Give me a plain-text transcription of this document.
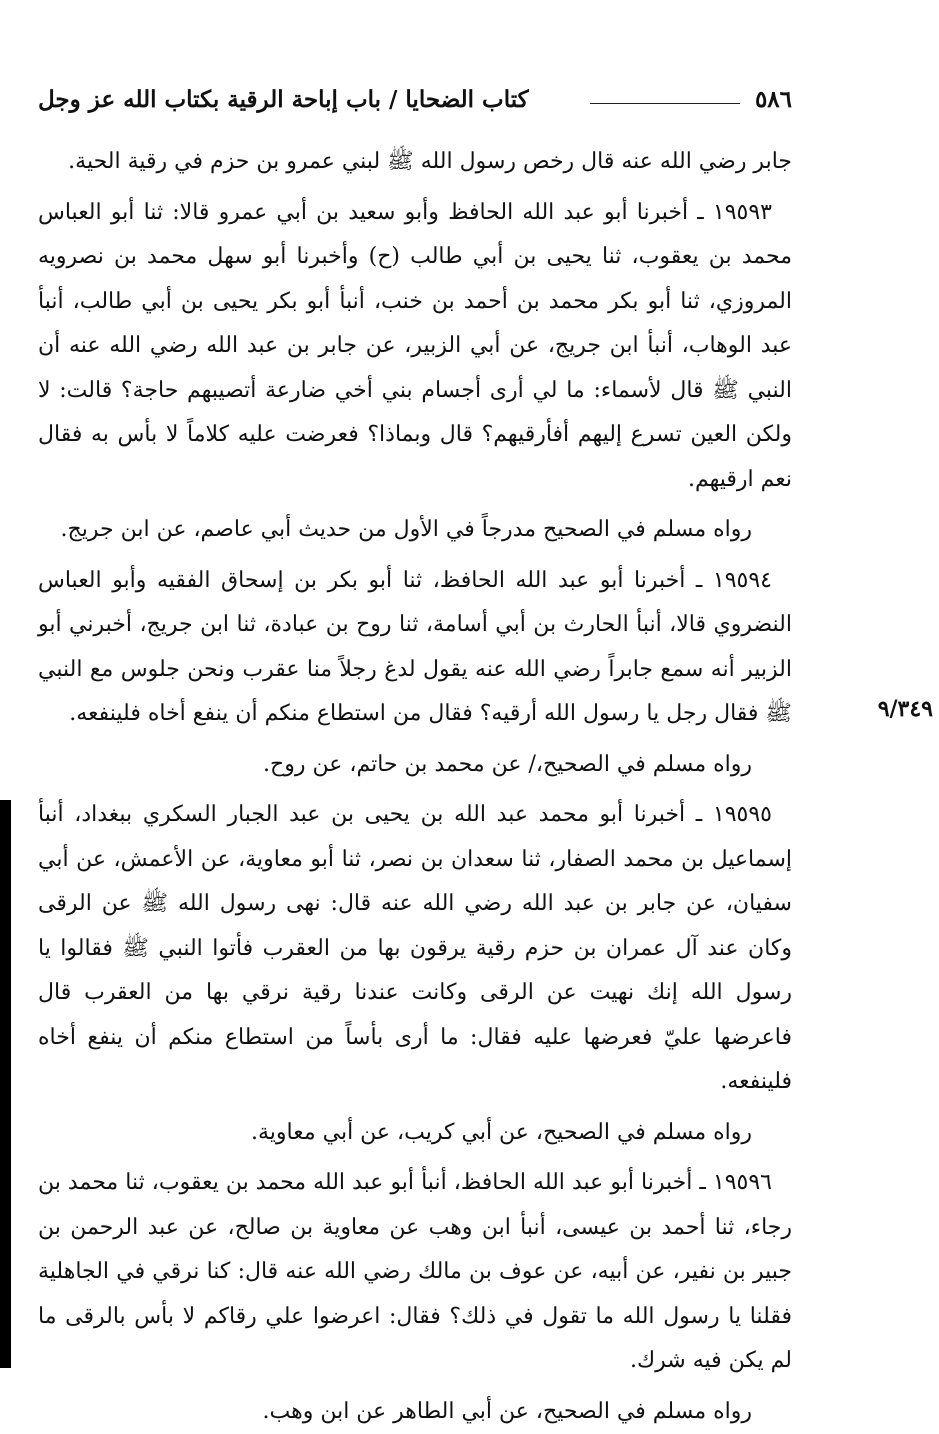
٥٨٦
كتاب الضحايا / باب إباحة الرقية بكتاب الله عز وجل
٩/٣٤٩

جابر رضي الله عنه قال رخص رسول الله ﷺ لبني عمرو بن حزم في رقية الحية.

١٩٥٩٣ ـ أخبرنا أبو عبد الله الحافظ وأبو سعيد بن أبي عمرو قالا: ثنا أبو العباس محمد بن يعقوب، ثنا يحيى بن أبي طالب (ح) وأخبرنا أبو سهل محمد بن نصرويه المروزي، ثنا أبو بكر محمد بن أحمد بن خنب، أنبأ أبو بكر يحيى بن أبي طالب، أنبأ عبد الوهاب، أنبأ ابن جريج، عن أبي الزبير، عن جابر بن عبد الله رضي الله عنه أن النبي ﷺ قال لأسماء: ما لي أرى أجسام بني أخي ضارعة أتصيبهم حاجة؟ قالت: لا ولكن العين تسرع إليهم أفأرقيهم؟ قال وبماذا؟ فعرضت عليه كلاماً لا بأس به فقال نعم ارقيهم.

رواه مسلم في الصحيح مدرجاً في الأول من حديث أبي عاصم، عن ابن جريج.

١٩٥٩٤ ـ أخبرنا أبو عبد الله الحافظ، ثنا أبو بكر بن إسحاق الفقيه وأبو العباس النضروي قالا، أنبأ الحارث بن أبي أسامة، ثنا روح بن عبادة، ثنا ابن جريج، أخبرني أبو الزبير أنه سمع جابراً رضي الله عنه يقول لدغ رجلاً منا عقرب ونحن جلوس مع النبي ﷺ فقال رجل يا رسول الله أرقيه؟ فقال من استطاع منكم أن ينفع أخاه فلينفعه.

رواه مسلم في الصحيح،/ عن محمد بن حاتم، عن روح.

١٩٥٩٥ ـ أخبرنا أبو محمد عبد الله بن يحيى بن عبد الجبار السكري ببغداد، أنبأ إسماعيل بن محمد الصفار، ثنا سعدان بن نصر، ثنا أبو معاوية، عن الأعمش، عن أبي سفيان، عن جابر بن عبد الله رضي الله عنه قال: نهى رسول الله ﷺ عن الرقى وكان عند آل عمران بن حزم رقية يرقون بها من العقرب فأتوا النبي ﷺ فقالوا يا رسول الله إنك نهيت عن الرقى وكانت عندنا رقية نرقي بها من العقرب قال فاعرضها عليّ فعرضها عليه فقال: ما أرى بأساً من استطاع منكم أن ينفع أخاه فلينفعه.

رواه مسلم في الصحيح، عن أبي كريب، عن أبي معاوية.

١٩٥٩٦ ـ أخبرنا أبو عبد الله الحافظ، أنبأ أبو عبد الله محمد بن يعقوب، ثنا محمد بن رجاء، ثنا أحمد بن عيسى، أنبأ ابن وهب عن معاوية بن صالح، عن عبد الرحمن بن جبير بن نفير، عن أبيه، عن عوف بن مالك رضي الله عنه قال: كنا نرقي في الجاهلية فقلنا يا رسول الله ما تقول في ذلك؟ فقال: اعرضوا علي رقاكم لا بأس بالرقى ما لم يكن فيه شرك.

رواه مسلم في الصحيح، عن أبي الطاهر عن ابن وهب.
